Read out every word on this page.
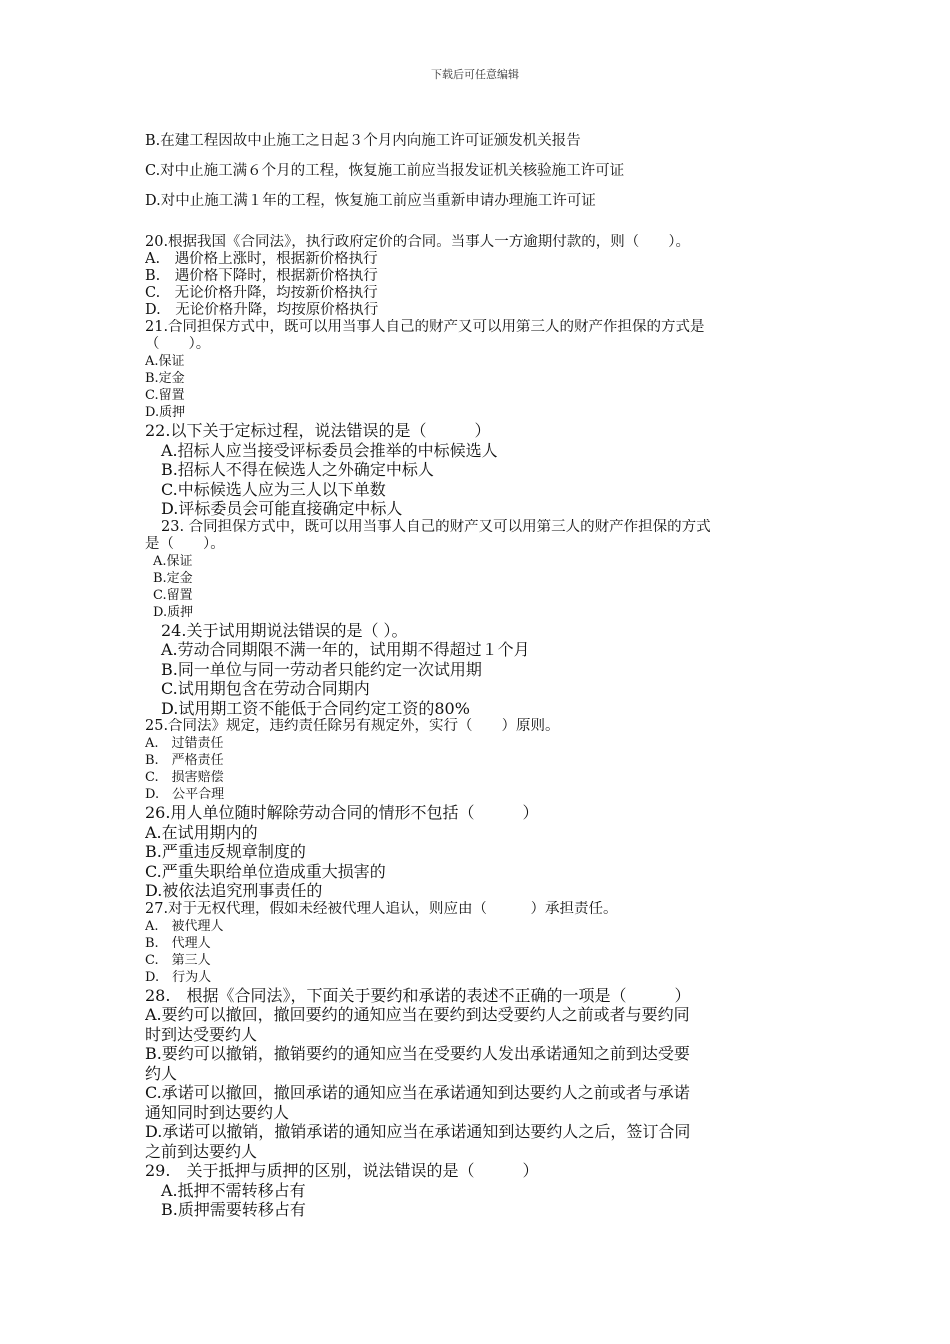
下载后可任意编辑
B.在建工程因故中止施工之日起３个月内向施工许可证颁发机关报告
C.对中止施工满６个月的工程，恢复施工前应当报发证机关核验施工许可证
D.对中止施工满１年的工程，恢复施工前应当重新申请办理施工许可证
20.根据我国《合同法》，执行政府定价的合同。当事人一方逾期付款的，则（　　）。
A.　遇价格上涨时，根据新价格执行
B.　遇价格下降时，根据新价格执行
C.　无论价格升降，均按新价格执行
D.　无论价格升降，均按原价格执行
21.合同担保方式中，既可以用当事人自己的财产又可以用第三人的财产作担保的方式是
（　　）。
A.保证
B.定金
C.留置
D.质押
22.以下关于定标过程，说法错误的是（　　　）
A.招标人应当接受评标委员会推举的中标候选人
B.招标人不得在候选人之外确定中标人
C.中标候选人应为三人以下单数
D.评标委员会可能直接确定中标人
23. 合同担保方式中，既可以用当事人自己的财产又可以用第三人的财产作担保的方式
是（　　）。
A.保证
B.定金
C.留置
D.质押
24.关于试用期说法错误的是（ ）。
A.劳动合同期限不满一年的，试用期不得超过１个月
B.同一单位与同一劳动者只能约定一次试用期
C.试用期包含在劳动合同期内
D.试用期工资不能低于合同约定工资的80%
25.合同法》规定，违约责任除另有规定外，实行（　　）原则。
A.　过错责任
B.　严格责任
C.　损害赔偿
D.　公平合理
26.用人单位随时解除劳动合同的情形不包括（　　　）
A.在试用期内的
B.严重违反规章制度的
C.严重失职给单位造成重大损害的
D.被依法追究刑事责任的
27.对于无权代理，假如未经被代理人追认，则应由（　　　）承担责任。
A.　被代理人
B.　代理人
C.　第三人
D.　行为人
28.　根据《合同法》，下面关于要约和承诺的表述不正确的一项是（　　　）
A.要约可以撤回，撤回要约的通知应当在要约到达受要约人之前或者与要约同
时到达受要约人
B.要约可以撤销，撤销要约的通知应当在受要约人发出承诺通知之前到达受要
约人
C.承诺可以撤回，撤回承诺的通知应当在承诺通知到达要约人之前或者与承诺
通知同时到达要约人
D.承诺可以撤销，撤销承诺的通知应当在承诺通知到达要约人之后，签订合同
之前到达要约人
29.　关于抵押与质押的区别，说法错误的是（　　　）
A.抵押不需转移占有
B.质押需要转移占有
